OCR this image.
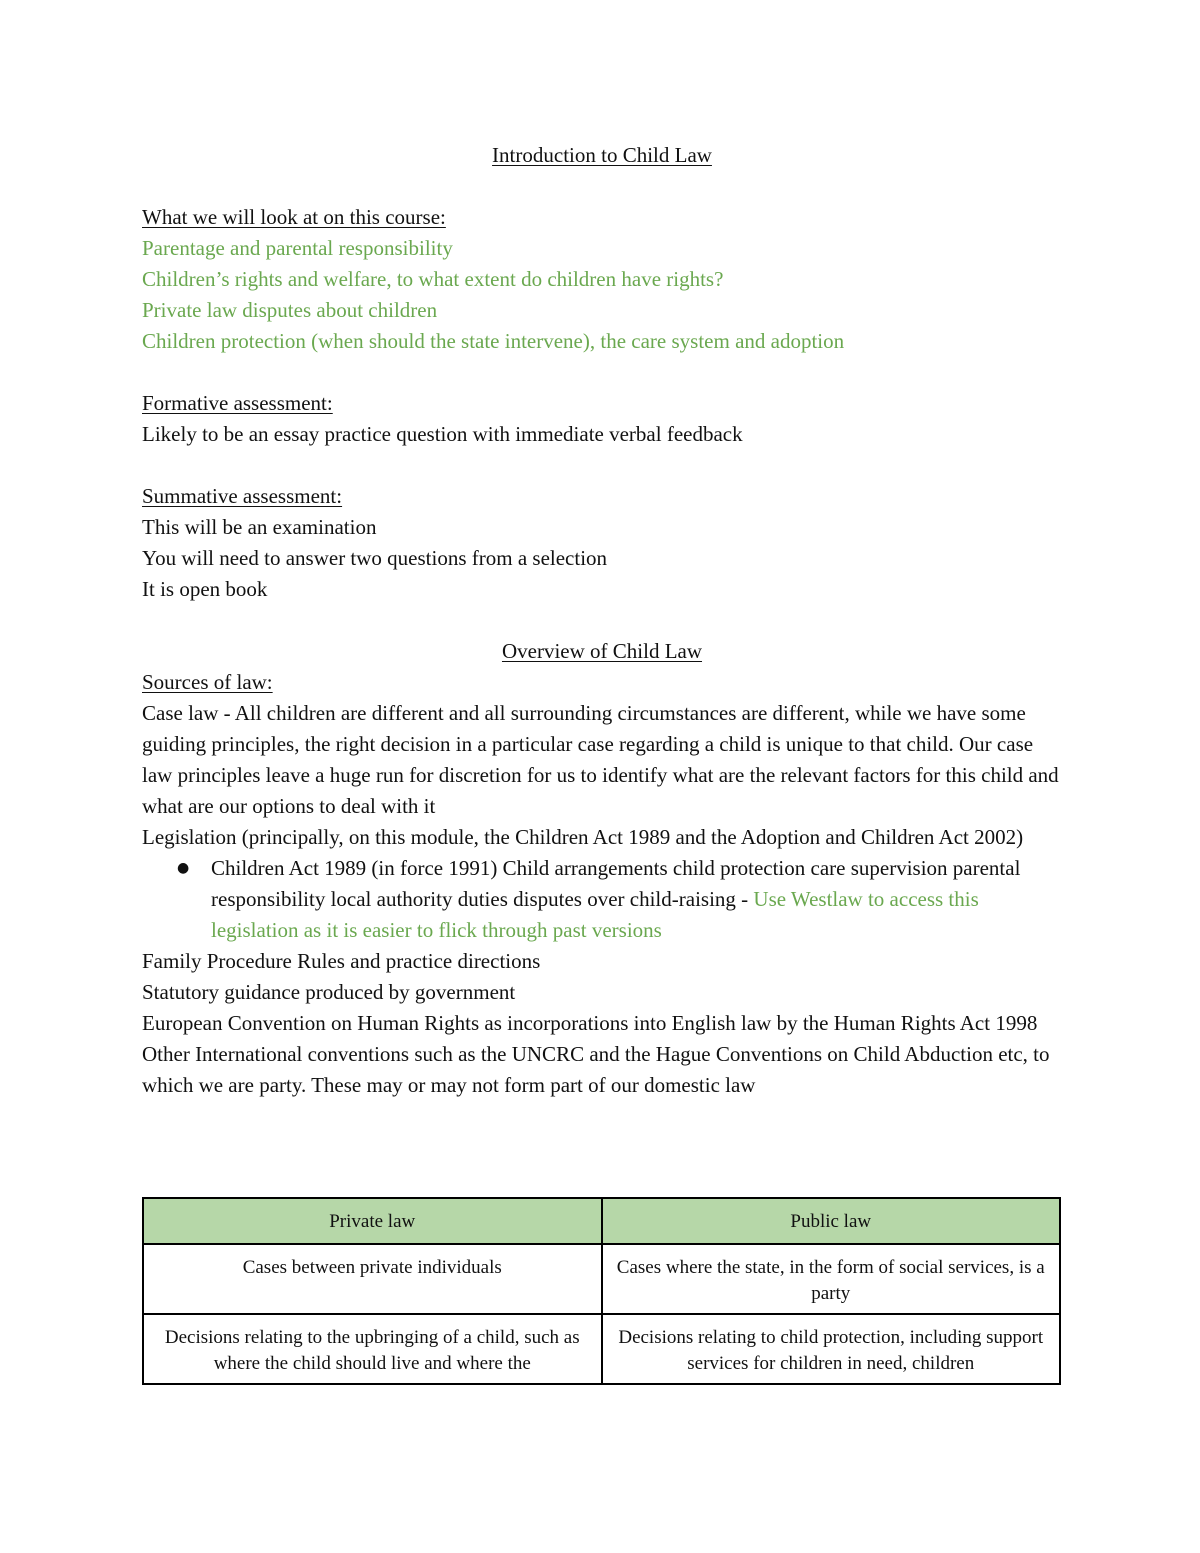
Introduction to Child Law
What we will look at on this course:
Parentage and parental responsibility
Children’s rights and welfare, to what extent do children have rights?
Private law disputes about children
Children protection (when should the state intervene), the care system and adoption
Formative assessment:
Likely to be an essay practice question with immediate verbal feedback
Summative assessment:
This will be an examination
You will need to answer two questions from a selection
It is open book
Overview of Child Law
Sources of law:
Case law - All children are different and all surrounding circumstances are different, while we have some guiding principles, the right decision in a particular case regarding a child is unique to that child. Our case law principles leave a huge run for discretion for us to identify what are the relevant factors for this child and what are our options to deal with it
Legislation (principally, on this module, the Children Act 1989 and the Adoption and Children Act 2002)
● Children Act 1989 (in force 1991) Child arrangements child protection care supervision parental responsibility local authority duties disputes over child-raising - Use Westlaw to access this legislation as it is easier to flick through past versions
Family Procedure Rules and practice directions
Statutory guidance produced by government
European Convention on Human Rights as incorporations into English law by the Human Rights Act 1998
Other International conventions such as the UNCRC and the Hague Conventions on Child Abduction etc, to which we are party. These may or may not form part of our domestic law
Private law	Public law
Cases between private individuals	Cases where the state, in the form of social services, is a party
Decisions relating to the upbringing of a child, such as where the child should live and where the	Decisions relating to child protection, including support services for children in need, children
